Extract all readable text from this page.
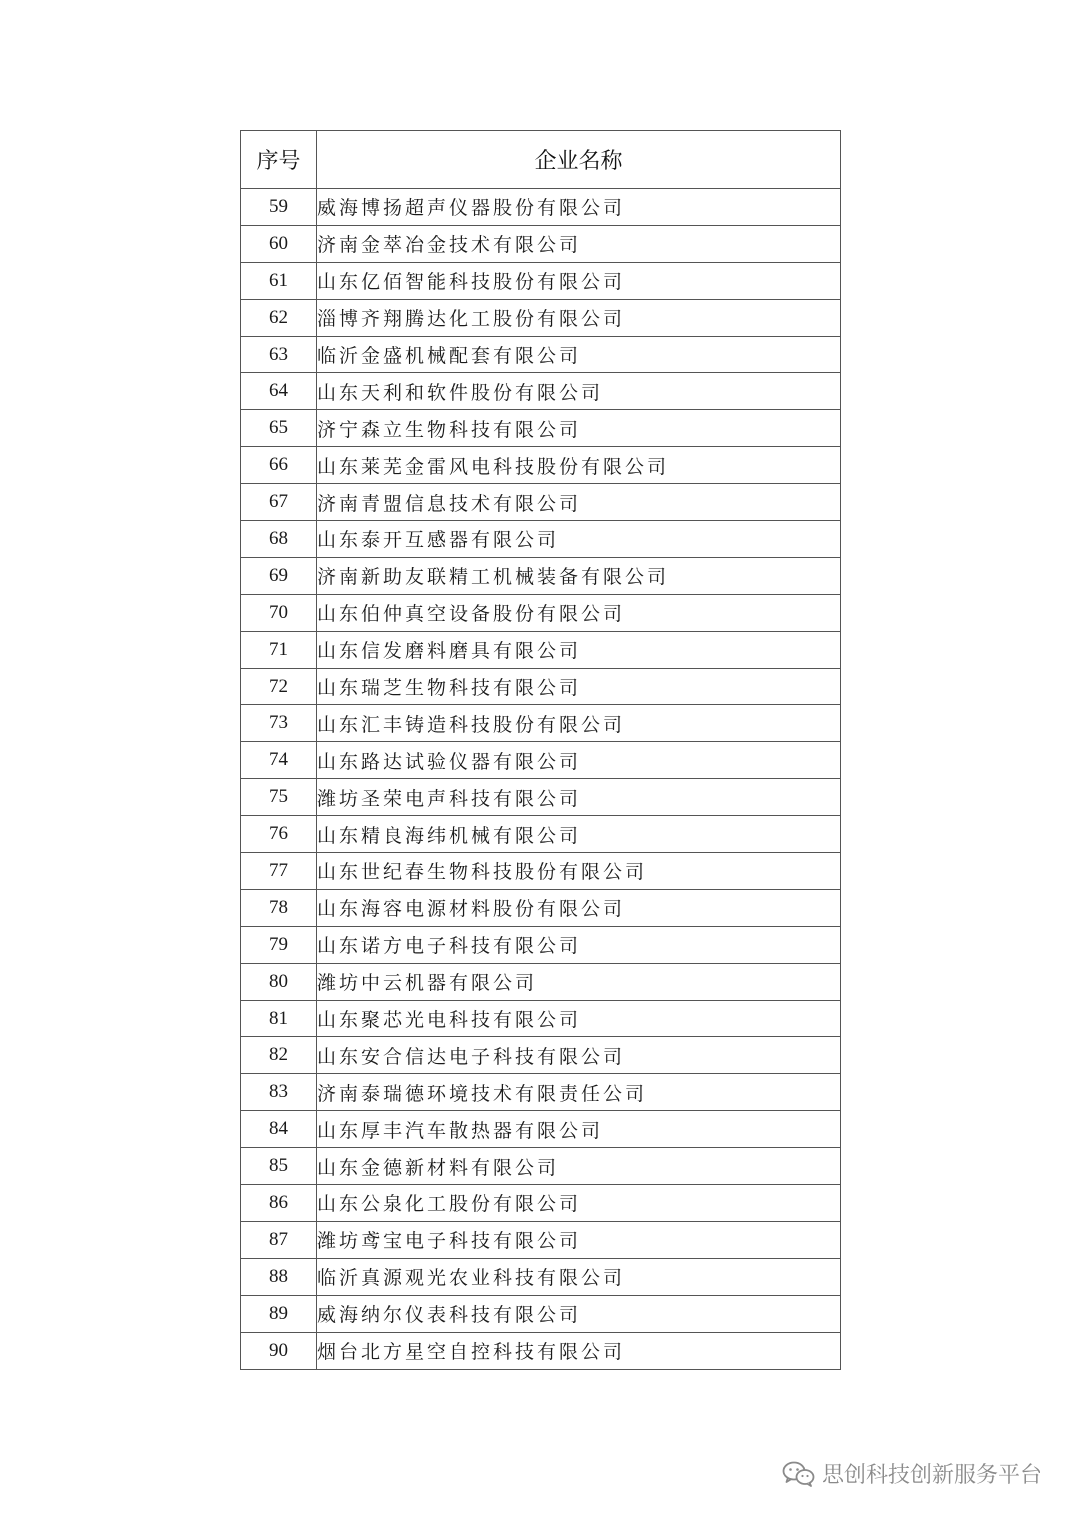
序号	企业名称
59	威海博扬超声仪器股份有限公司
60	济南金萃冶金技术有限公司
61	山东亿佰智能科技股份有限公司
62	淄博齐翔腾达化工股份有限公司
63	临沂金盛机械配套有限公司
64	山东天利和软件股份有限公司
65	济宁森立生物科技有限公司
66	山东莱芜金雷风电科技股份有限公司
67	济南青盟信息技术有限公司
68	山东泰开互感器有限公司
69	济南新助友联精工机械装备有限公司
70	山东伯仲真空设备股份有限公司
71	山东信发磨料磨具有限公司
72	山东瑞芝生物科技有限公司
73	山东汇丰铸造科技股份有限公司
74	山东路达试验仪器有限公司
75	潍坊圣荣电声科技有限公司
76	山东精良海纬机械有限公司
77	山东世纪春生物科技股份有限公司
78	山东海容电源材料股份有限公司
79	山东诺方电子科技有限公司
80	潍坊中云机器有限公司
81	山东聚芯光电科技有限公司
82	山东安合信达电子科技有限公司
83	济南泰瑞德环境技术有限责任公司
84	山东厚丰汽车散热器有限公司
85	山东金德新材料有限公司
86	山东公泉化工股份有限公司
87	潍坊鸢宝电子科技有限公司
88	临沂真源观光农业科技有限公司
89	威海纳尔仪表科技有限公司
90	烟台北方星空自控科技有限公司
思创科技创新服务平台
